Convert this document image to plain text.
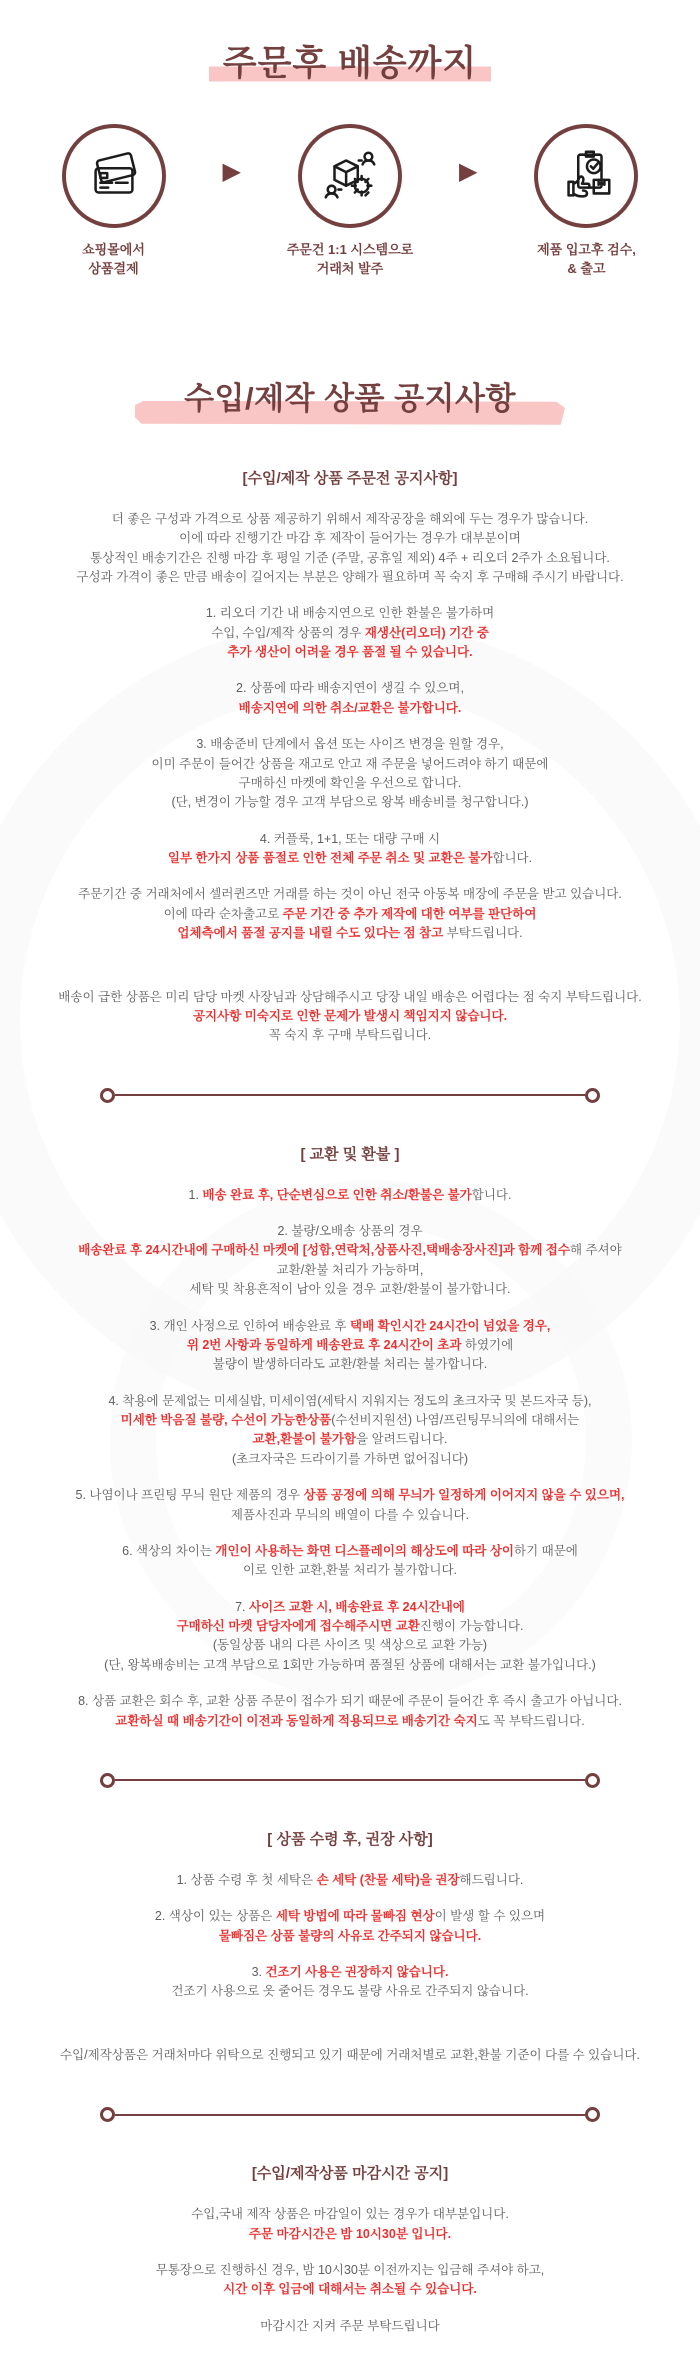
주문후 배송까지
쇼핑몰에서
상품결제
▶
주문건 1:1 시스템으로
거래처 발주
▶
제품 입고후 검수,
& 출고
수입/제작 상품 공지사항
[수입/제작 상품 주문전 공지사항]

더 좋은 구성과 가격으로 상품 제공하기 위해서 제작공장을 해외에 두는 경우가 많습니다.
이에 따라 진행기간 마감 후 제작이 들어가는 경우가 대부분이며
통상적인 배송기간은 진행 마감 후 평일 기준 (주말, 공휴일 제외) 4주 + 리오더 2주가 소요됩니다.
구성과 가격이 좋은 만큼 배송이 길어지는 부분은 양해가 필요하며 꼭 숙지 후 구매해 주시기 바랍니다.

1. 리오더 기간 내 배송지연으로 인한 환불은 불가하며
수입, 수입/제작 상품의 경우 재생산(리오더) 기간 중
추가 생산이 어려울 경우 품절 될 수 있습니다.

2. 상품에 따라 배송지연이 생길 수 있으며,
배송지연에 의한 취소/교환은 불가합니다.

3. 배송준비 단계에서 옵션 또는 사이즈 변경을 원할 경우,
이미 주문이 들어간 상품을 재고로 안고 재 주문을 넣어드려야 하기 때문에
구매하신 마켓에 확인을 우선으로 합니다.
(단, 변경이 가능할 경우 고객 부담으로 왕복 배송비를 청구합니다.)

4. 커플룩, 1+1, 또는 대량 구매 시
일부 한가지 상품 품절로 인한 전체 주문 취소 및 교환은 불가합니다.

주문기간 중 거래처에서 셀러퀸즈만 거래를 하는 것이 아닌 전국 아동복 매장에 주문을 받고 있습니다.
이에 따라 순차출고로 주문 기간 중 추가 제작에 대한 여부를 판단하여
업체측에서 품절 공지를 내릴 수도 있다는 점 참고 부탁드립니다.

배송이 급한 상품은 미리 담당 마켓 사장님과 상담해주시고 당장 내일 배송은 어렵다는 점 숙지 부탁드립니다.
공지사항 미숙지로 인한 문제가 발생시 책임지지 않습니다.
꼭 숙지 후 구매 부탁드립니다.

[ 교환 및 환불 ]

1. 배송 완료 후, 단순변심으로 인한 취소/환불은 불가합니다.

2. 불량/오배송 상품의 경우
배송완료 후 24시간내에 구매하신 마켓에 [성함,연락처,상품사진,택배송장사진]과 함께 접수해 주셔야
교환/환불 처리가 가능하며,
세탁 및 착용흔적이 남아 있을 경우 교환/환불이 불가합니다.

3. 개인 사정으로 인하여 배송완료 후 택배 확인시간 24시간이 넘었을 경우,
위 2번 사항과 동일하게 배송완료 후 24시간이 초과 하였기에
불량이 발생하더라도 교환/환불 처리는 불가합니다.

4. 착용에 문제없는 미세실밥, 미세이염(세탁시 지워지는 정도의 초크자국 및 본드자국 등),
미세한 박음질 불량, 수선이 가능한상품(수선비지원선) 나염/프린팅무늬의에 대해서는
교환,환불이 불가함을 알려드립니다.
(초크자국은 드라이기를 가하면 없어집니다)

5. 나염이나 프린팅 무늬 원단 제품의 경우 상품 공정에 의해 무늬가 일정하게 이어지지 않을 수 있으며,
제품사진과 무늬의 배열이 다를 수 있습니다.

6. 색상의 차이는 개인이 사용하는 화면 디스플레이의 해상도에 따라 상이하기 때문에
이로 인한 교환,환불 처리가 불가합니다.

7. 사이즈 교환 시, 배송완료 후 24시간내에
구매하신 마켓 담당자에게 접수해주시면 교환진행이 가능합니다.
(동일상품 내의 다른 사이즈 및 색상으로 교환 가능)
(단, 왕복배송비는 고객 부담으로 1회만 가능하며 품절된 상품에 대해서는 교환 불가입니다.)

8. 상품 교환은 회수 후, 교환 상품 주문이 접수가 되기 때문에 주문이 들어간 후 즉시 출고가 아닙니다.
교환하실 때 배송기간이 이전과 동일하게 적용되므로 배송기간 숙지도 꼭 부탁드립니다.

[ 상품 수령 후, 권장 사항]

1. 상품 수령 후 첫 세탁은 손 세탁 (찬물 세탁)을 권장해드립니다.

2. 색상이 있는 상품은 세탁 방법에 따라 물빠짐 현상이 발생 할 수 있으며
물빠짐은 상품 불량의 사유로 간주되지 않습니다.

3. 건조기 사용은 권장하지 않습니다.
건조기 사용으로 옷 줄어든 경우도 불량 사유로 간주되지 않습니다.

수입/제작상품은 거래처마다 위탁으로 진행되고 있기 때문에 거래처별로 교환,환불 기준이 다를 수 있습니다.

[수입/제작상품 마감시간 공지]

수입,국내 제작 상품은 마감일이 있는 경우가 대부분입니다.
주문 마감시간은 밤 10시30분 입니다.

무통장으로 진행하신 경우, 밤 10시30분 이전까지는 입금해 주셔야 하고,
시간 이후 입금에 대해서는 취소될 수 있습니다.

마감시간 지켜 주문 부탁드립니다
